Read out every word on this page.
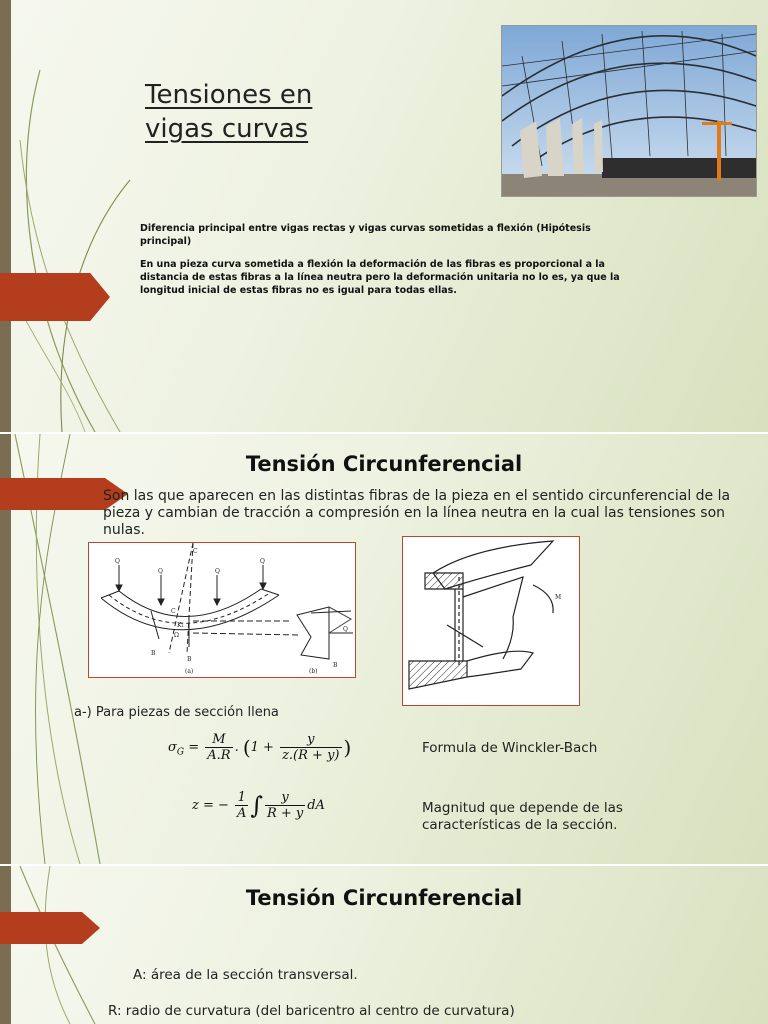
Tensiones en vigas curvas
Diferencia principal entre vigas rectas y vigas curvas sometidas a flexión (Hipótesis principal)
En una pieza curva sometida a flexión la deformación de las fibras es proporcional a la distancia de estas fibras a la línea neutra pero la deformación unitaria no lo es, ya que la longitud inicial de estas fibras no es igual para todas ellas.
Tensión Circunferencial
Son las que aparecen en las distintas fibras de la pieza en el sentido circunferencial de la pieza y cambian de tracción a compresión en la línea neutra en la cual las tensiones son nulas.
Q
Q	Q
Q
C
C
K₁
Ω
B
B
Q
B
(a)	(b)
M
a-) Para piezas de sección llena
$\sigma_G = \frac{M}{A.R}$ . ($1 + \frac{y}{z.(R + y)}$ )	Formula de Winckler-Bach
z = − $\frac{1}{A}$ ∫ $\frac{y}{R + y}$ dA	Magnitud que depende de las características de la sección.
Tensión Circunferencial
A: área de la sección transversal.
R: radio de curvatura (del baricentro al centro de curvatura)
